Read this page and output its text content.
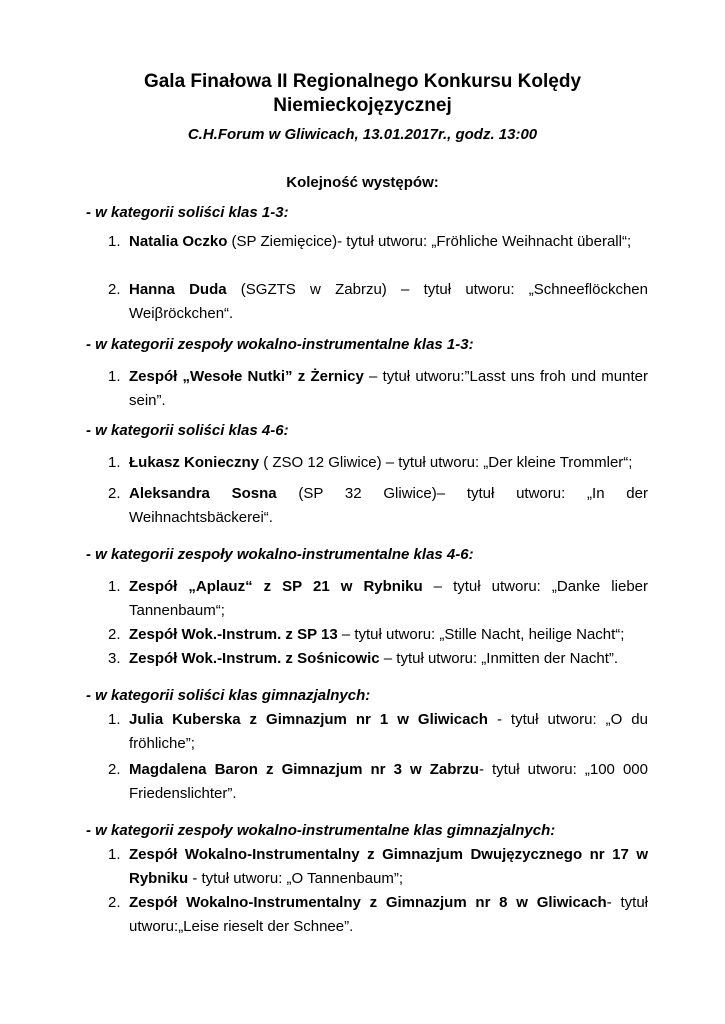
Gala Finałowa II Regionalnego Konkursu Kolędy
Niemieckojęzycznej
C.H.Forum w Gliwicach, 13.01.2017r., godz. 13:00
Kolejność występów:
- w kategorii soliści klas 1-3:
1. Natalia Oczko (SP Ziemięcice)- tytuł utworu: „Fröhliche Weihnacht überall“;
2. Hanna Duda (SGZTS w Zabrzu) – tytuł utworu: „Schneeflöckchen Weiβröckchen“.
- w kategorii zespoły wokalno-instrumentalne klas 1-3:
1. Zespół „Wesołe Nutki” z Żernicy – tytuł utworu:”Lasst uns froh und munter sein”.
- w kategorii soliści klas 4-6:
1. Łukasz Konieczny ( ZSO 12 Gliwice) – tytuł utworu: „Der kleine Trommler“;
2. Aleksandra Sosna (SP 32 Gliwice)– tytuł utworu: „In der Weihnachtsbäckerei“.
- w kategorii zespoły wokalno-instrumentalne klas 4-6:
1. Zespół „Aplauz“ z SP 21 w Rybniku – tytuł utworu: „Danke lieber Tannenbaum“;
2. Zespół Wok.-Instrum. z SP 13 – tytuł utworu: „Stille Nacht, heilige Nacht“;
3. Zespół Wok.-Instrum. z Sośnicowic – tytuł utworu: „Inmitten der Nacht”.
- w kategorii soliści klas gimnazjalnych:
1. Julia Kuberska z Gimnazjum nr 1 w Gliwicach - tytuł utworu: „O du fröhliche”;
2. Magdalena Baron z Gimnazjum nr 3 w Zabrzu- tytuł utworu: „100 000 Friedenslichter”.
- w kategorii zespoły wokalno-instrumentalne klas gimnazjalnych:
1. Zespół Wokalno-Instrumentalny z Gimnazjum Dwujęzycznego nr 17 w Rybniku - tytuł utworu: „O Tannenbaum”;
2. Zespół Wokalno-Instrumentalny z Gimnazjum nr 8 w Gliwicach- tytuł utworu:„Leise rieselt der Schnee”.
